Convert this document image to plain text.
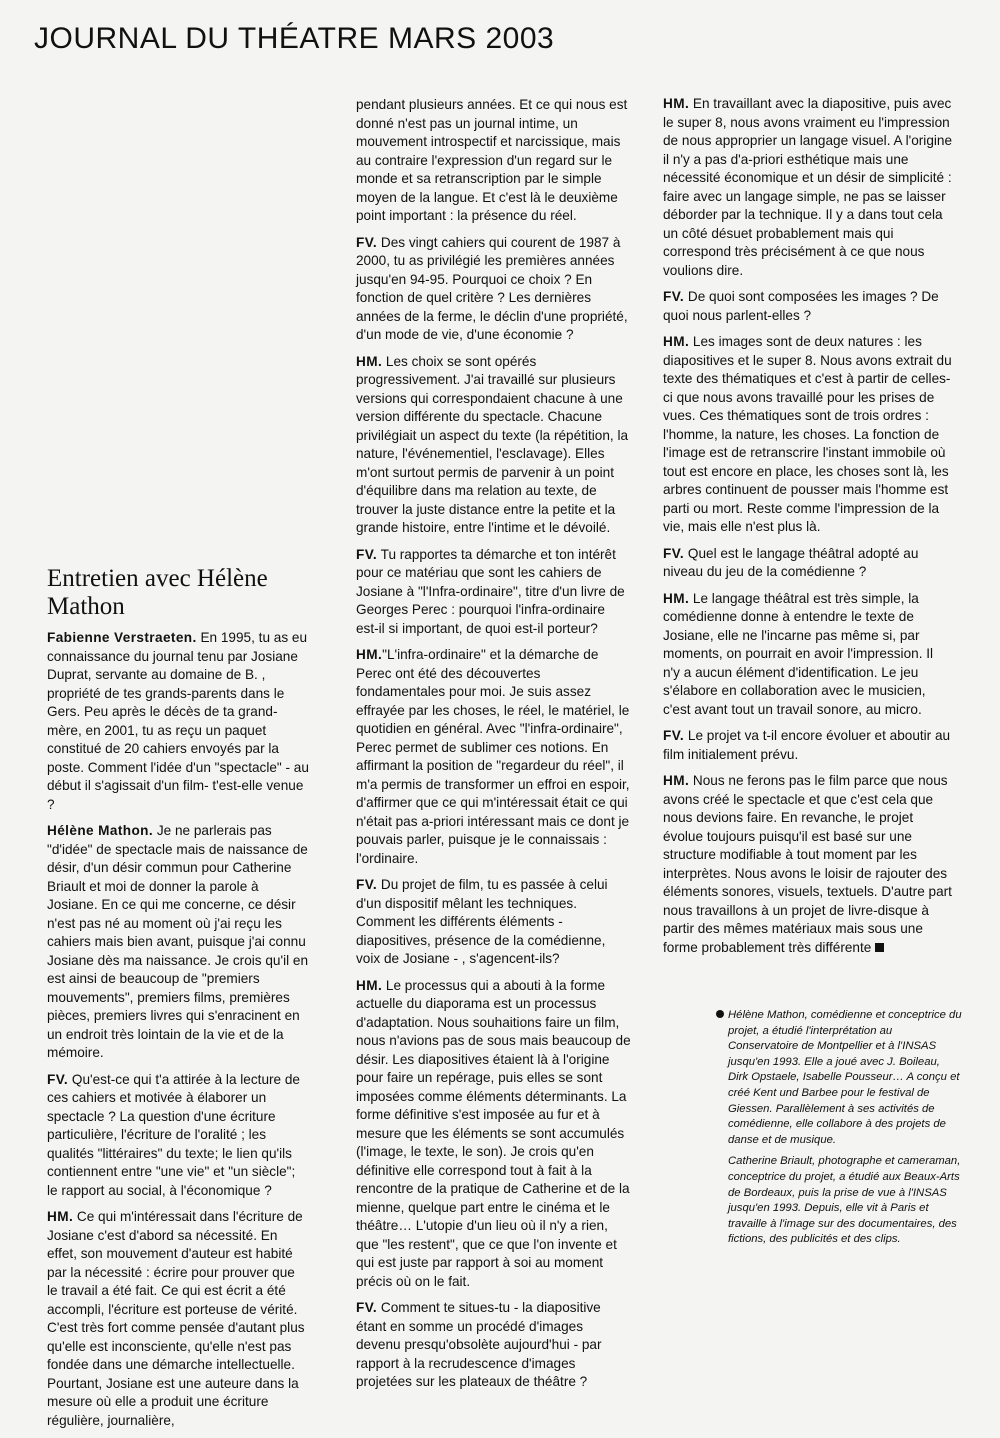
JOURNAL DU THÉATRE MARS 2003
Entretien avec Hélène Mathon

Fabienne Verstraeten. En 1995, tu as eu connaissance du journal tenu par Josiane Duprat, servante au domaine de B. , propriété de tes grands-parents dans le Gers. Peu après le décès de ta grand-mère, en 2001, tu as reçu un paquet constitué de 20 cahiers envoyés par la poste. Comment l'idée d'un "spectacle" - au début il s'agissait d'un film- t'est-elle venue ?

Hélène Mathon. Je ne parlerais pas "d'idée" de spectacle mais de naissance de désir, d'un désir commun pour Catherine Briault et moi de donner la parole à Josiane. En ce qui me concerne, ce désir n'est pas né au moment où j'ai reçu les cahiers mais bien avant, puisque j'ai connu Josiane dès ma naissance. Je crois qu'il en est ainsi de beaucoup de "premiers mouvements", premiers films, premières pièces, premiers livres qui s'enracinent en un endroit très lointain de la vie et de la mémoire.

FV. Qu'est-ce qui t'a attirée à la lecture de ces cahiers et motivée à élaborer un spectacle ? La question d'une écriture particulière, l'écriture de l'oralité ; les qualités "littéraires" du texte; le lien qu'ils contiennent entre "une vie" et "un siècle"; le rapport au social, à l'économique ?

HM. Ce qui m'intéressait dans l'écriture de Josiane c'est d'abord sa nécessité. En effet, son mouvement d'auteur est habité par la nécessité : écrire pour prouver que le travail a été fait. Ce qui est écrit a été accompli, l'écriture est porteuse de vérité. C'est très fort comme pensée d'autant plus qu'elle est inconsciente, qu'elle n'est pas fondée dans une démarche intellectuelle. Pourtant, Josiane est une auteure dans la mesure où elle a produit une écriture régulière, journalière,

pendant plusieurs années. Et ce qui nous est donné n'est pas un journal intime, un mouvement introspectif et narcissique, mais au contraire l'expression d'un regard sur le monde et sa retranscription par le simple moyen de la langue. Et c'est là le deuxième point important : la présence du réel.

FV. Des vingt cahiers qui courent de 1987 à 2000, tu as privilégié les premières années jusqu'en 94-95. Pourquoi ce choix ? En fonction de quel critère ? Les dernières années de la ferme, le déclin d'une propriété, d'un mode de vie, d'une économie ?

HM. Les choix se sont opérés progressivement. J'ai travaillé sur plusieurs versions qui correspondaient chacune à une version différente du spectacle. Chacune privilégiait un aspect du texte (la répétition, la nature, l'événementiel, l'esclavage). Elles m'ont surtout permis de parvenir à un point d'équilibre dans ma relation au texte, de trouver la juste distance entre la petite et la grande histoire, entre l'intime et le dévoilé.

FV. Tu rapportes ta démarche et ton intérêt pour ce matériau que sont les cahiers de Josiane à "l'Infra-ordinaire", titre d'un livre de Georges Perec : pourquoi l'infra-ordinaire est-il si important, de quoi est-il porteur?

HM."L'infra-ordinaire" et la démarche de Perec ont été des découvertes fondamentales pour moi. Je suis assez effrayée par les choses, le réel, le matériel, le quotidien en général. Avec "l'infra-ordinaire", Perec permet de sublimer ces notions. En affirmant la position de "regardeur du réel", il m'a permis de transformer un effroi en espoir, d'affirmer que ce qui m'intéressait était ce qui n'était pas a-priori intéressant mais ce dont je pouvais parler, puisque je le connaissais : l'ordinaire.

FV. Du projet de film, tu es passée à celui d'un dispositif mêlant les techniques. Comment les différents éléments - diapositives, présence de la comédienne, voix de Josiane - , s'agencent-ils?

HM. Le processus qui a abouti à la forme actuelle du diaporama est un processus d'adaptation. Nous souhaitions faire un film, nous n'avions pas de sous mais beaucoup de désir. Les diapositives étaient là à l'origine pour faire un repérage, puis elles se sont imposées comme éléments déterminants. La forme définitive s'est imposée au fur et à mesure que les éléments se sont accumulés (l'image, le texte, le son). Je crois qu'en définitive elle correspond tout à fait à la rencontre de la pratique de Catherine et de la mienne, quelque part entre le cinéma et le théâtre… L'utopie d'un lieu où il n'y a rien, que "les restent", que ce que l'on invente et qui est juste par rapport à soi au moment précis où on le fait.

FV. Comment te situes-tu - la diapositive étant en somme un procédé d'images devenu presqu'obsolète aujourd'hui - par rapport à la recrudescence d'images projetées sur les plateaux de théâtre ?

HM. En travaillant avec la diapositive, puis avec le super 8, nous avons vraiment eu l'impression de nous approprier un langage visuel. A l'origine il n'y a pas d'a-priori esthétique mais une nécessité économique et un désir de simplicité : faire avec un langage simple, ne pas se laisser déborder par la technique. Il y a dans tout cela un côté désuet probablement mais qui correspond très précisément à ce que nous voulions dire.

FV. De quoi sont composées les images ? De quoi nous parlent-elles ?

HM. Les images sont de deux natures : les diapositives et le super 8. Nous avons extrait du texte des thématiques et c'est à partir de celles-ci que nous avons travaillé pour les prises de vues. Ces thématiques sont de trois ordres : l'homme, la nature, les choses. La fonction de l'image est de retranscrire l'instant immobile où tout est encore en place, les choses sont là, les arbres continuent de pousser mais l'homme est parti ou mort. Reste comme l'impression de la vie, mais elle n'est plus là.

FV. Quel est le langage théâtral adopté au niveau du jeu de la comédienne ?

HM. Le langage théâtral est très simple, la comédienne donne à entendre le texte de Josiane, elle ne l'incarne pas même si, par moments, on pourrait en avoir l'impression. Il n'y a aucun élément d'identification. Le jeu s'élabore en collaboration avec le musicien, c'est avant tout un travail sonore, au micro.

FV. Le projet va t-il encore évoluer et aboutir au film initialement prévu.

HM. Nous ne ferons pas le film parce que nous avons créé le spectacle et que c'est cela que nous devions faire. En revanche, le projet évolue toujours puisqu'il est basé sur une structure modifiable à tout moment par les interprètes. Nous avons le loisir de rajouter des éléments sonores, visuels, textuels. D'autre part nous travaillons à un projet de livre-disque à partir des mêmes matériaux mais sous une forme probablement très différente

Hélène Mathon, comédienne et conceptrice du projet, a étudié l'interprétation au Conservatoire de Montpellier et à l'INSAS jusqu'en 1993. Elle a joué avec J. Boileau, Dirk Opstaele, Isabelle Pousseur… A conçu et créé Kent und Barbee pour le festival de Giessen. Parallèlement à ses activités de comédienne, elle collabore à des projets de danse et de musique.

Catherine Briault, photographe et cameraman, conceptrice du projet, a étudié aux Beaux-Arts de Bordeaux, puis la prise de vue à l'INSAS jusqu'en 1993. Depuis, elle vit à Paris et travaille à l'image sur des documentaires, des fictions, des publicités et des clips.
